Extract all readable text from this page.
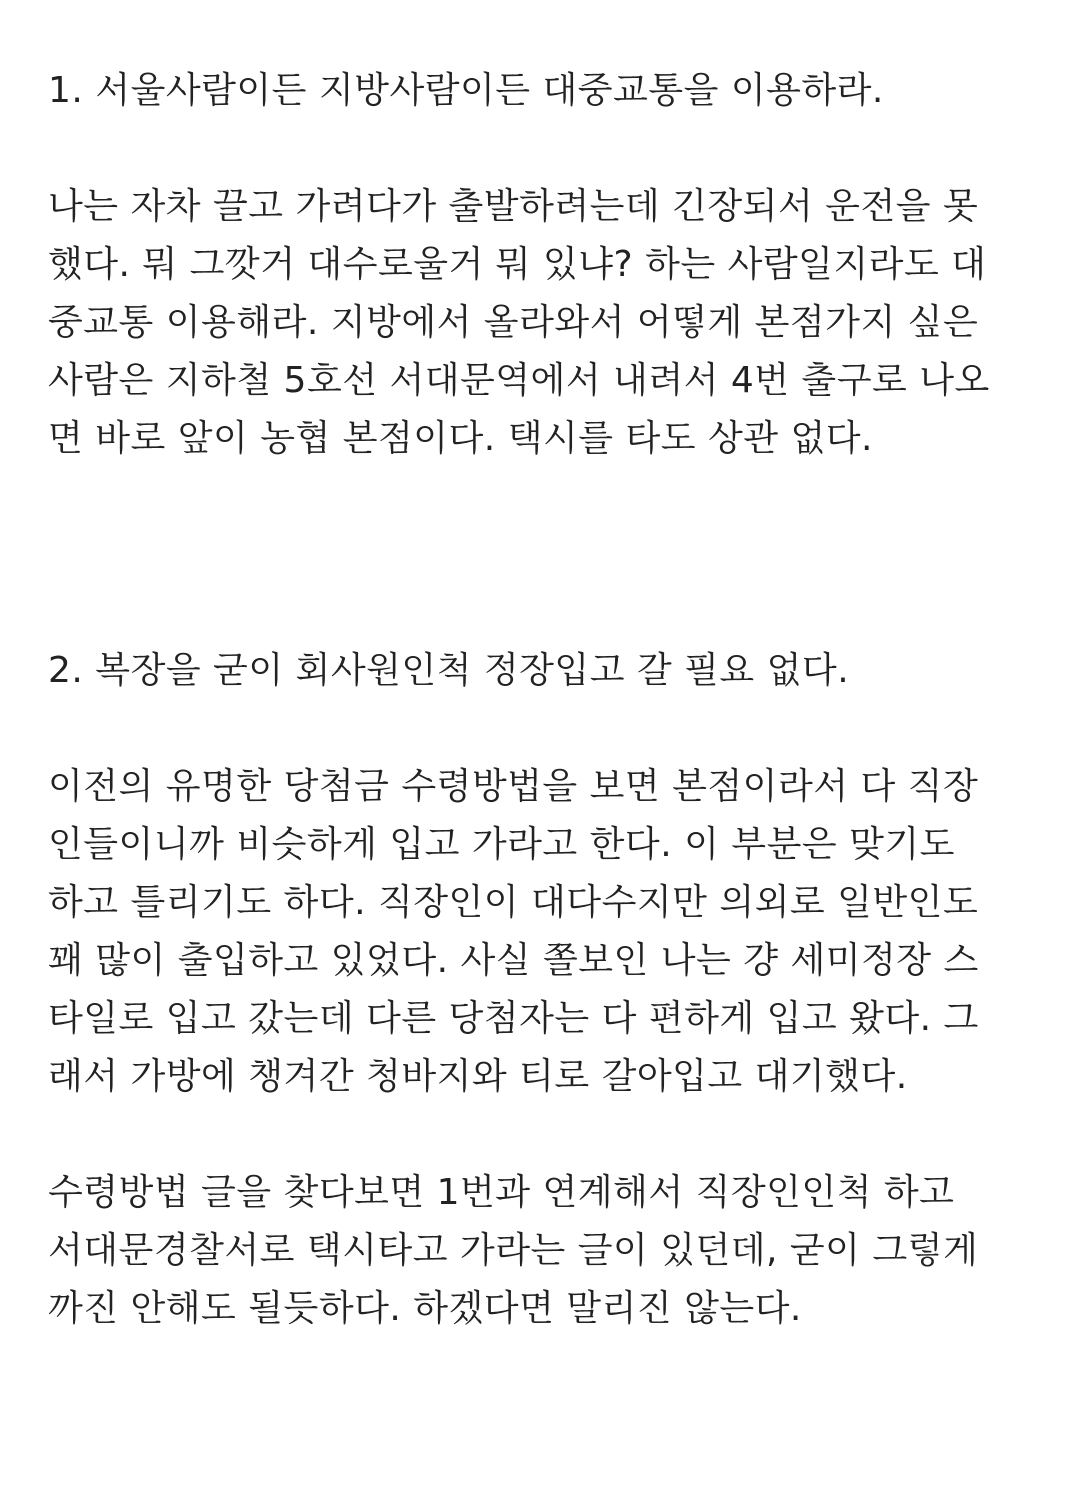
1. 서울사람이든 지방사람이든 대중교통을 이용하라.

나는 자차 끌고 가려다가 출발하려는데 긴장되서 운전을 못
했다. 뭐 그깟거 대수로울거 뭐 있냐? 하는 사람일지라도 대
중교통 이용해라. 지방에서 올라와서 어떻게 본점가지 싶은
사람은 지하철 5호선 서대문역에서 내려서 4번 출구로 나오
면 바로 앞이 농협 본점이다. 택시를 타도 상관 없다.

2. 복장을 굳이 회사원인척 정장입고 갈 필요 없다.

이전의 유명한 당첨금 수령방법을 보면 본점이라서 다 직장
인들이니까 비슷하게 입고 가라고 한다. 이 부분은 맞기도
하고 틀리기도 하다. 직장인이 대다수지만 의외로 일반인도
꽤 많이 출입하고 있었다. 사실 쫄보인 나는 걍 세미정장 스
타일로 입고 갔는데 다른 당첨자는 다 편하게 입고 왔다. 그
래서 가방에 챙겨간 청바지와 티로 갈아입고 대기했다.

수령방법 글을 찾다보면 1번과 연계해서 직장인인척 하고
서대문경찰서로 택시타고 가라는 글이 있던데, 굳이 그렇게
까진 안해도 될듯하다. 하겠다면 말리진 않는다.
